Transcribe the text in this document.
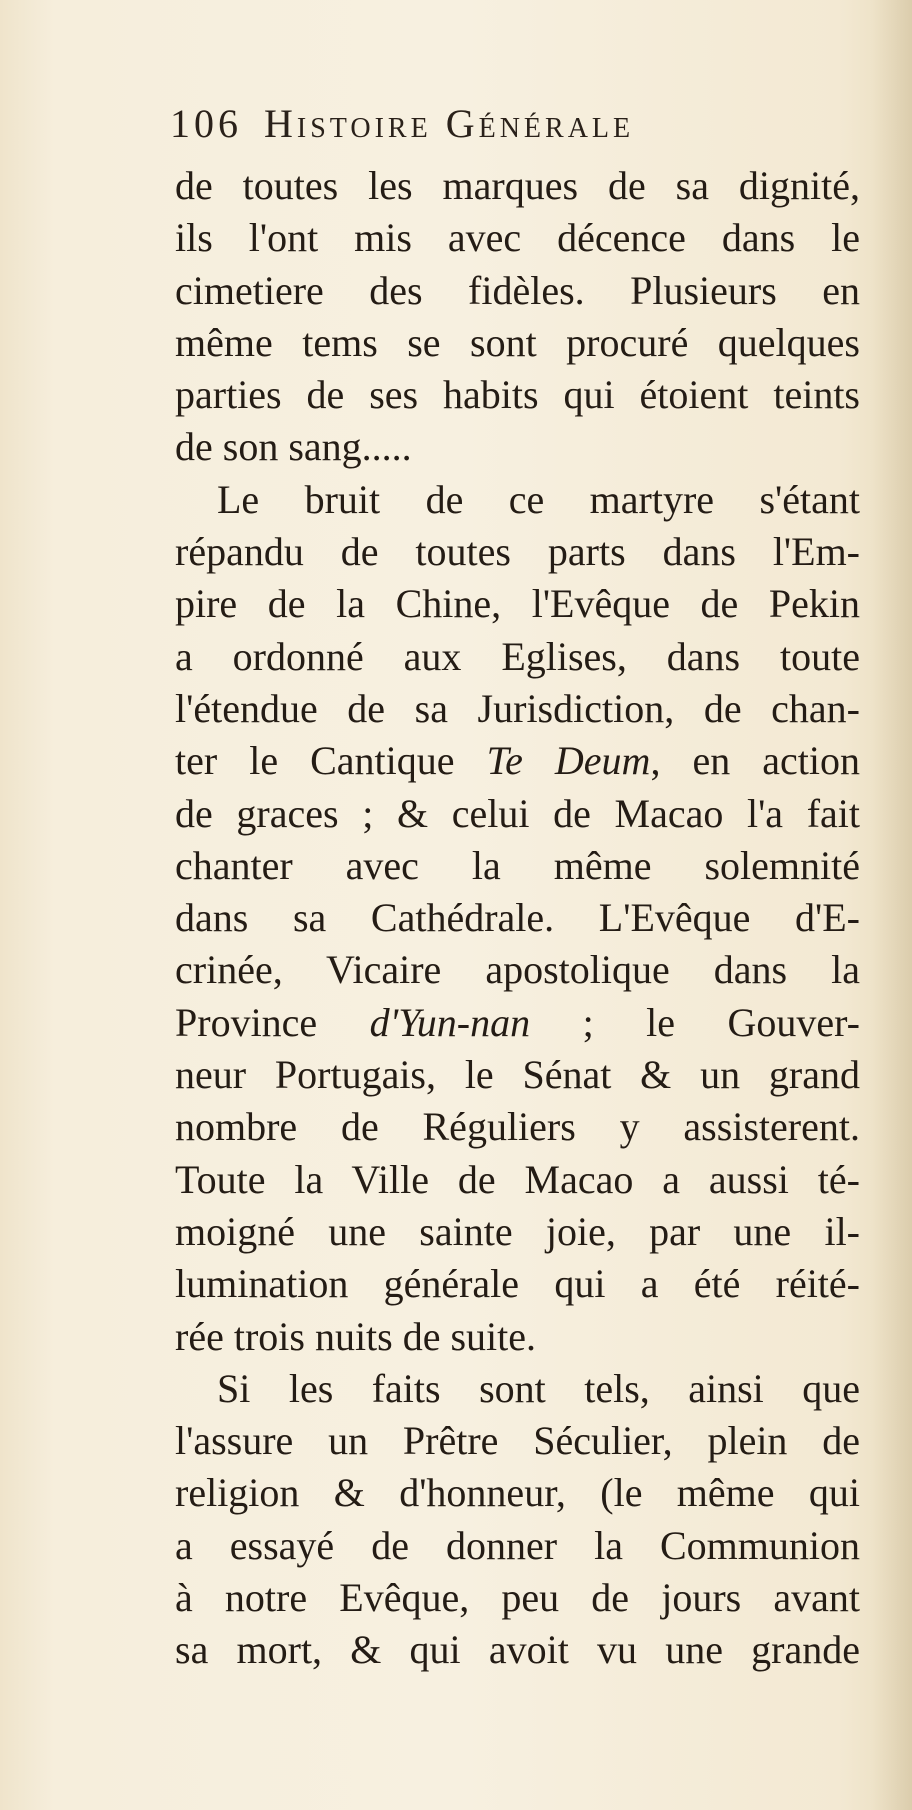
106 Histoire Générale
de toutes les marques de sa dignité,
ils l'ont mis avec décence dans le
cimetiere des fidèles. Plusieurs en
même tems se sont procuré quelques
parties de ses habits qui étoient teints
de son sang.....
Le bruit de ce martyre s'étant
répandu de toutes parts dans l'Em-
pire de la Chine, l'Evêque de Pekin
a ordonné aux Eglises, dans toute
l'étendue de sa Jurisdiction, de chan-
ter le Cantique Te Deum, en action
de graces ; & celui de Macao l'a fait
chanter avec la même solemnité
dans sa Cathédrale. L'Evêque d'E-
crinée, Vicaire apostolique dans la
Province d'Yun-nan ; le Gouver-
neur Portugais, le Sénat & un grand
nombre de Réguliers y assisterent.
Toute la Ville de Macao a aussi té-
moigné une sainte joie, par une il-
lumination générale qui a été réité-
rée trois nuits de suite.
Si les faits sont tels, ainsi que
l'assure un Prêtre Séculier, plein de
religion & d'honneur, (le même qui
a essayé de donner la Communion
à notre Evêque, peu de jours avant
sa mort, & qui avoit vu une grande
